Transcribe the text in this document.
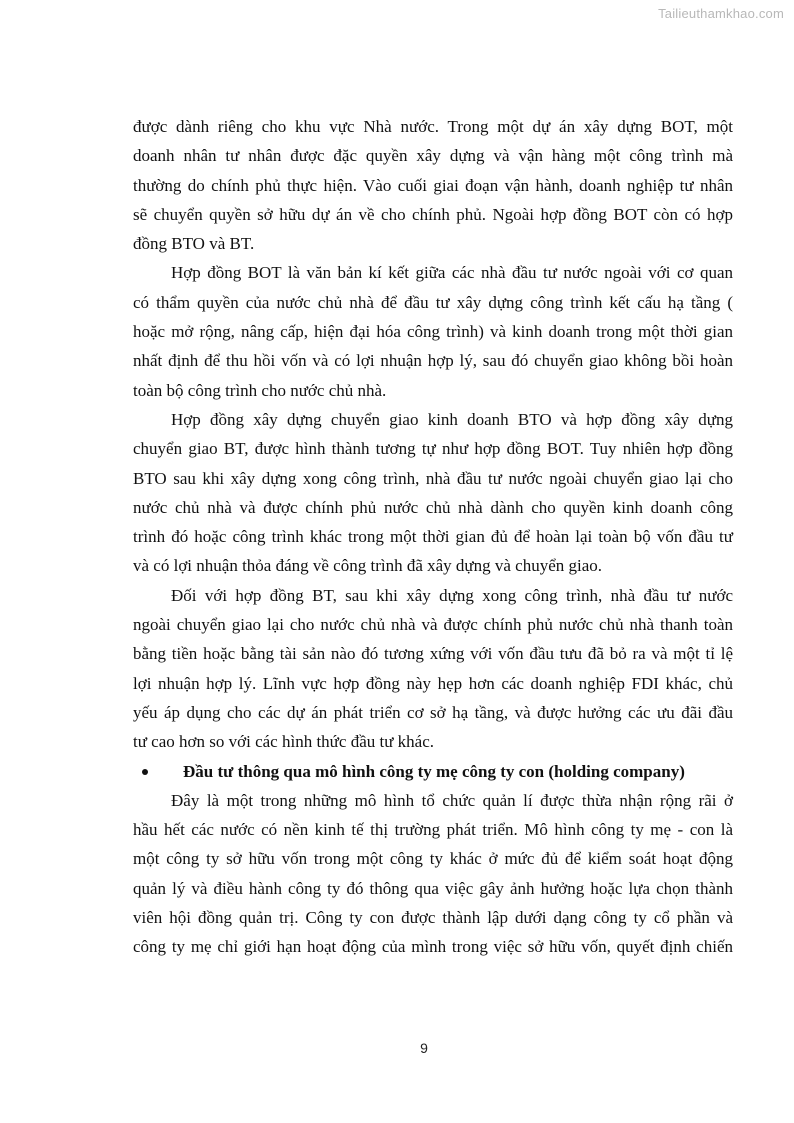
Tailieuthamkhao.com
được dành riêng cho khu vực Nhà nước. Trong một dự án xây dựng BOT, một
doanh nhân tư nhân được đặc quyền xây dựng và vận hàng một công trình mà
thường do chính phủ thực hiện. Vào cuối giai đoạn vận hành, doanh nghiệp tư nhân
sẽ chuyển quyền sở hữu dự án về cho chính phủ. Ngoài hợp đồng BOT còn có hợp
đồng BTO và BT.
Hợp đồng BOT là văn bản kí kết giữa các nhà đầu tư nước ngoài với cơ quan
có thẩm quyền của nước chủ nhà để đầu tư xây dựng công trình kết cấu hạ tầng (
hoặc mở rộng, nâng cấp, hiện đại hóa công trình) và kinh doanh trong một thời gian
nhất định để thu hồi vốn và có lợi nhuận hợp lý, sau đó chuyển giao không bồi hoàn
toàn bộ công trình cho nước chủ nhà.
Hợp đồng xây dựng chuyển giao kinh doanh BTO và hợp đồng xây dựng
chuyển giao BT, được hình thành tương tự như hợp đồng BOT. Tuy nhiên hợp đồng
BTO sau khi xây dựng xong công trình, nhà đầu tư nước ngoài chuyển giao lại cho
nước chủ nhà và được chính phủ nước chủ nhà dành cho quyền kinh doanh công
trình đó hoặc công trình khác trong một thời gian đủ để hoàn lại toàn bộ vốn đầu tư
và có lợi nhuận thỏa đáng về công trình đã xây dựng và chuyển giao.
Đối với hợp đồng BT, sau khi xây dựng xong công trình, nhà đầu tư nước
ngoài chuyển giao lại cho nước chủ nhà và được chính phủ nước chủ nhà thanh toàn
bằng tiền hoặc bằng tài sản nào đó tương xứng với vốn đầu tưu đã bỏ ra và một tỉ lệ
lợi nhuận hợp lý. Lĩnh vực hợp đồng này hẹp hơn các doanh nghiệp FDI khác, chủ
yếu áp dụng cho các dự án phát triển cơ sở hạ tầng, và được hưởng các ưu đãi đầu
tư cao hơn so với các hình thức đầu tư khác.
Đầu tư thông qua mô hình công ty mẹ công ty con (holding company)
Đây là một trong những mô hình tổ chức quản lí được thừa nhận rộng rãi ở
hầu hết các nước có nền kinh tế thị trường phát triển. Mô hình công ty mẹ - con là
một công ty sở hữu vốn trong một công ty khác ở mức đủ để kiểm soát hoạt động
quản lý và điều hành công ty đó thông qua việc gây ảnh hưởng hoặc lựa chọn thành
viên hội đồng quản trị. Công ty con được thành lập dưới dạng công ty cổ phần và
công ty mẹ chỉ giới hạn hoạt động của mình trong việc sở hữu vốn, quyết định chiến
9
